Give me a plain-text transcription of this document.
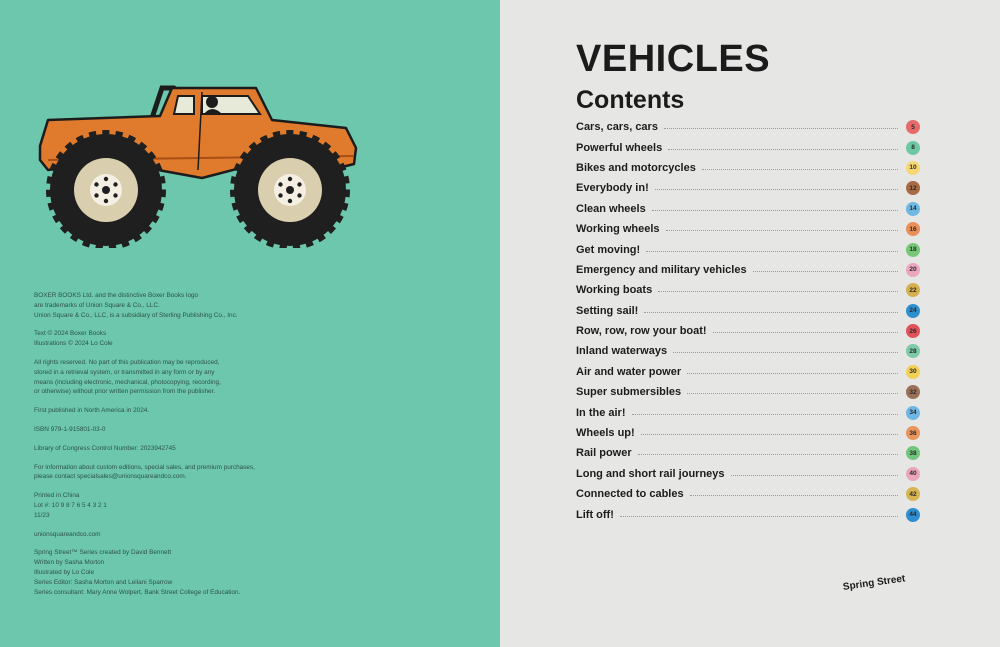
BOXER BOOKS Ltd. and the distinctive Boxer Books logo
are trademarks of Union Square & Co., LLC.
Union Square & Co., LLC, is a subsidiary of Sterling Publishing Co., Inc.

Text © 2024 Boxer Books
Illustrations © 2024 Lo Cole

All rights reserved. No part of this publication may be reproduced,
stored in a retrieval system, or transmitted in any form or by any
means (including electronic, mechanical, photocopying, recording,
or otherwise) without prior written permission from the publisher.

First published in North America in 2024.

ISBN 979-1-915801-03-0

Library of Congress Control Number: 2023942745

For information about custom editions, special sales, and premium purchases,
please contact specialsales@unionsquareandco.com.

Printed in China
Lot #: 10 9 8 7 6 5 4 3 2 1
11/23

unionsquareandco.com

Spring Street™ Series created by David Bennett
Written by Sasha Morton
Illustrated by Lo Cole
Series Editor: Sasha Morton and Leilani Sparrow
Series consultant: Mary Anne Wolpert, Bank Street College of Education.

VEHICLES
Contents
Cars, cars, cars	5
Powerful wheels	8
Bikes and motorcycles	10
Everybody in!	12
Clean wheels	14
Working wheels	16
Get moving!	18
Emergency and military vehicles	20
Working boats	22
Setting sail!	24
Row, row, row your boat!	26
Inland waterways	28
Air and water power	30
Super submersibles	32
In the air!	34
Wheels up!	36
Rail power	38
Long and short rail journeys	40
Connected to cables	42
Lift off!	44
Spring Street
